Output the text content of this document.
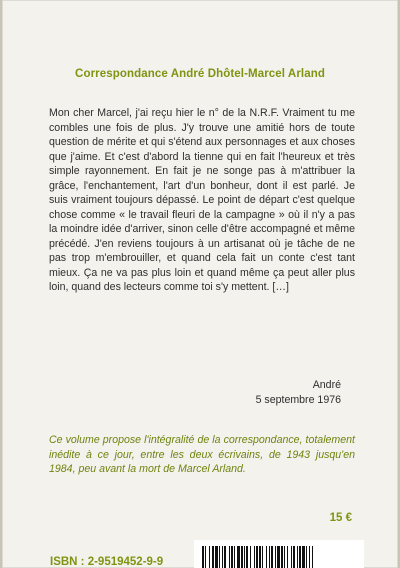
Correspondance André Dhôtel-Marcel Arland

Mon cher Marcel, j'ai reçu hier le n° de la N.R.F. Vraiment tu me combles une fois de plus. J'y trouve une amitié hors de toute question de mérite et qui s'étend aux personnages et aux choses que j'aime. Et c'est d'abord la tienne qui en fait l'heureux et très simple rayonnement. En fait je ne songe pas à m'attribuer la grâce, l'enchantement, l'art d'un bonheur, dont il est parlé. Je suis vraiment toujours dépassé. Le point de départ c'est quelque chose comme « le travail fleuri de la campagne » où il n'y a pas la moindre idée d'arriver, sinon celle d'être accompagné et même précédé. J'en reviens toujours à un artisanat où je tâche de ne pas trop m'embrouiller, et quand cela fait un conte c'est tant mieux. Ça ne va pas plus loin et quand même ça peut aller plus loin, quand des lecteurs comme toi s'y mettent. […]

André
5 septembre 1976

Ce volume propose l'intégralité de la correspondance, totalement inédite à ce jour, entre les deux écrivains, de 1943 jusqu'en 1984, peu avant la mort de Marcel Arland.

15 €
ISBN : 2-9519452-9-9
